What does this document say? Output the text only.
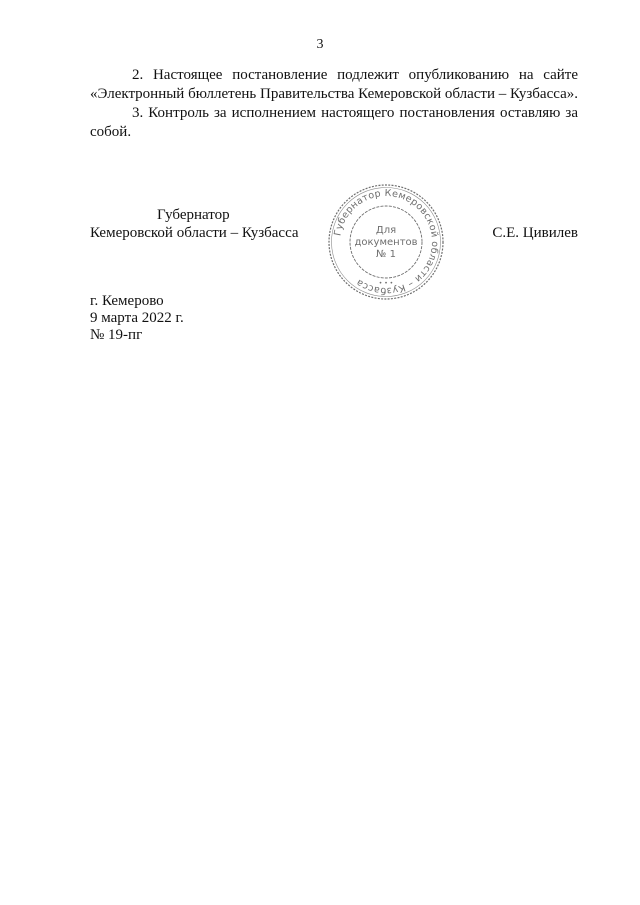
3

2. Настоящее постановление подлежит опубликованию на сайте «Электронный бюллетень Правительства Кемеровской области – Кузбасса».

3. Контроль за исполнением настоящего постановления оставляю за собой.

Губернатор
Кемеровской области – Кузбасса	С.Е. Цивилев
Губернатор Кемеровской области – Кузбасса	• • •
Для
документов
№ 1
г. Кемерово
9 марта 2022 г.
№ 19-пг
